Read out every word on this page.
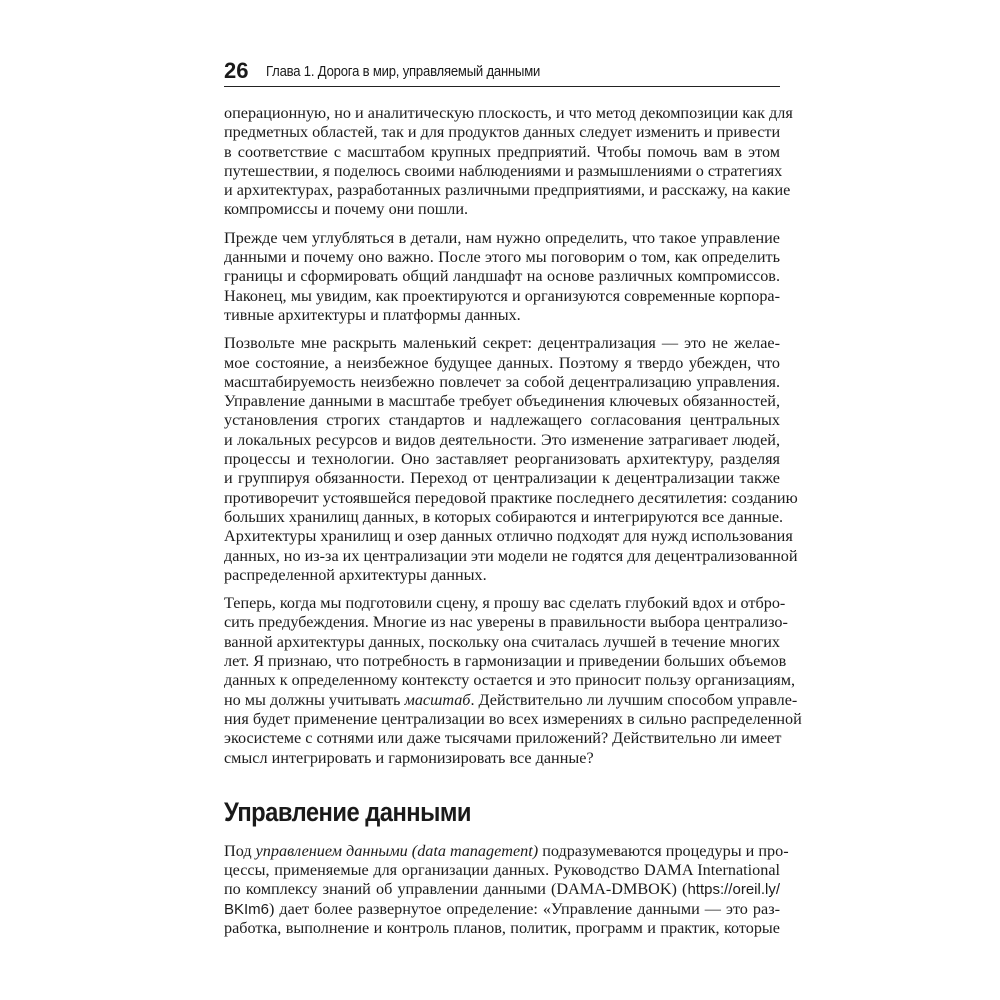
26 Глава 1. Дорога в мир, управляемый данными
операционную, но и аналитическую плоскость, и что метод декомпозиции как для
предметных областей, так и для продуктов данных следует изменить и привести
в соответствие с масштабом крупных предприятий. Чтобы помочь вам в этом
путешествии, я поделюсь своими наблюдениями и размышлениями о стратегиях
и архитектурах, разработанных различными предприятиями, и расскажу, на какие
компромиссы и почему они пошли.
Прежде чем углубляться в детали, нам нужно определить, что такое управление
данными и почему оно важно. После этого мы поговорим о том, как определить
границы и сформировать общий ландшафт на основе различных компромиссов.
Наконец, мы увидим, как проектируются и организуются современные корпора-
тивные архитектуры и платформы данных.
Позвольте мне раскрыть маленький секрет: децентрализация — это не желае-
мое состояние, а неизбежное будущее данных. Поэтому я твердо убежден, что
масштабируемость неизбежно повлечет за собой децентрализацию управления.
Управление данными в масштабе требует объединения ключевых обязанностей,
установления строгих стандартов и надлежащего согласования центральных
и локальных ресурсов и видов деятельности. Это изменение затрагивает людей,
процессы и технологии. Оно заставляет реорганизовать архитектуру, разделяя
и группируя обязанности. Переход от централизации к децентрализации также
противоречит устоявшейся передовой практике последнего десятилетия: созданию
больших хранилищ данных, в которых собираются и интегрируются все данные.
Архитектуры хранилищ и озер данных отлично подходят для нужд использования
данных, но из-за их централизации эти модели не годятся для децентрализованной
распределенной архитектуры данных.
Теперь, когда мы подготовили сцену, я прошу вас сделать глубокий вдох и отбро-
сить предубеждения. Многие из нас уверены в правильности выбора централизо-
ванной архитектуры данных, поскольку она считалась лучшей в течение многих
лет. Я признаю, что потребность в гармонизации и приведении больших объемов
данных к определенному контексту остается и это приносит пользу организациям,
но мы должны учитывать масштаб. Действительно ли лучшим способом управле-
ния будет применение централизации во всех измерениях в сильно распределенной
экосистеме с сотнями или даже тысячами приложений? Действительно ли имеет
смысл интегрировать и гармонизировать все данные?
Управление данными
Под управлением данными (data management) подразумеваются процедуры и про-
цессы, применяемые для организации данных. Руководство DAMA International
по комплексу знаний об управлении данными (DAMA-DMBOK) (https://oreil.ly/
BKIm6) дает более развернутое определение: «Управление данными — это раз-
работка, выполнение и контроль планов, политик, программ и практик, которые
